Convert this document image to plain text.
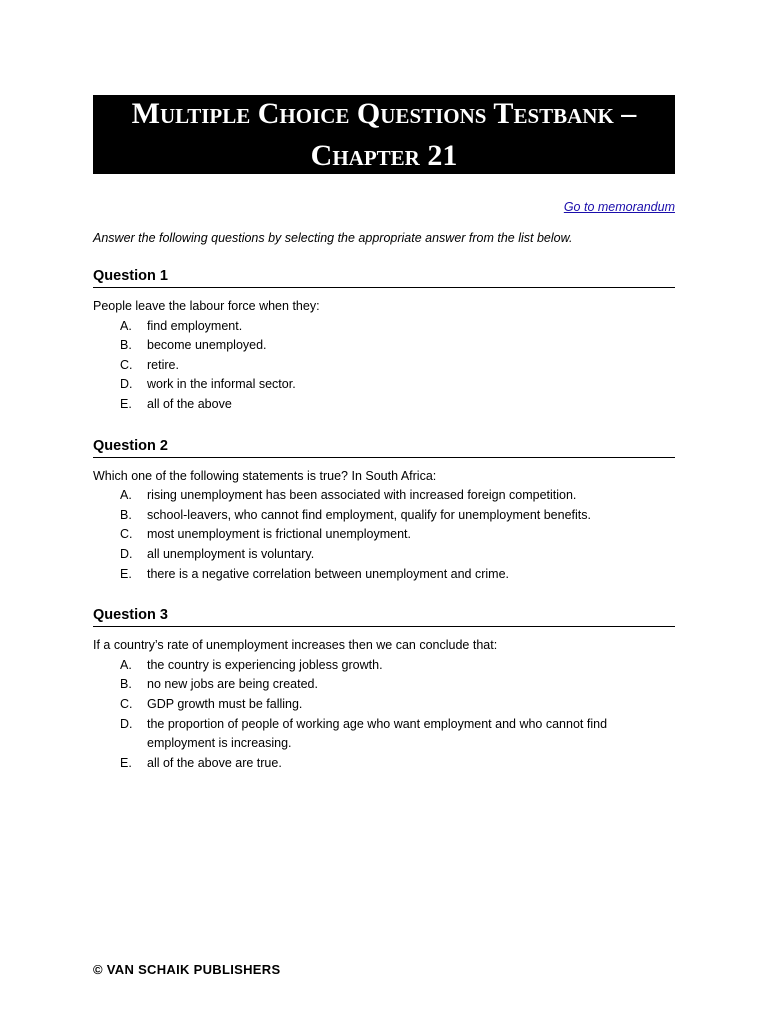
Multiple Choice Questions Testbank – Chapter 21
Go to memorandum
Answer the following questions by selecting the appropriate answer from the list below.
Question 1
People leave the labour force when they:
A.	find employment.
B.	become unemployed.
C.	retire.
D.	work in the informal sector.
E.	all of the above
Question 2
Which one of the following statements is true? In South Africa:
A.	rising unemployment has been associated with increased foreign competition.
B.	school-leavers, who cannot find employment, qualify for unemployment benefits.
C.	most unemployment is frictional unemployment.
D.	all unemployment is voluntary.
E.	there is a negative correlation between unemployment and crime.
Question 3
If a country’s rate of unemployment increases then we can conclude that:
A.	the country is experiencing jobless growth.
B.	no new jobs are being created.
C.	GDP growth must be falling.
D.	the proportion of people of working age who want employment and who cannot find employment is increasing.
E.	all of the above are true.
© VAN SCHAIK PUBLISHERS
